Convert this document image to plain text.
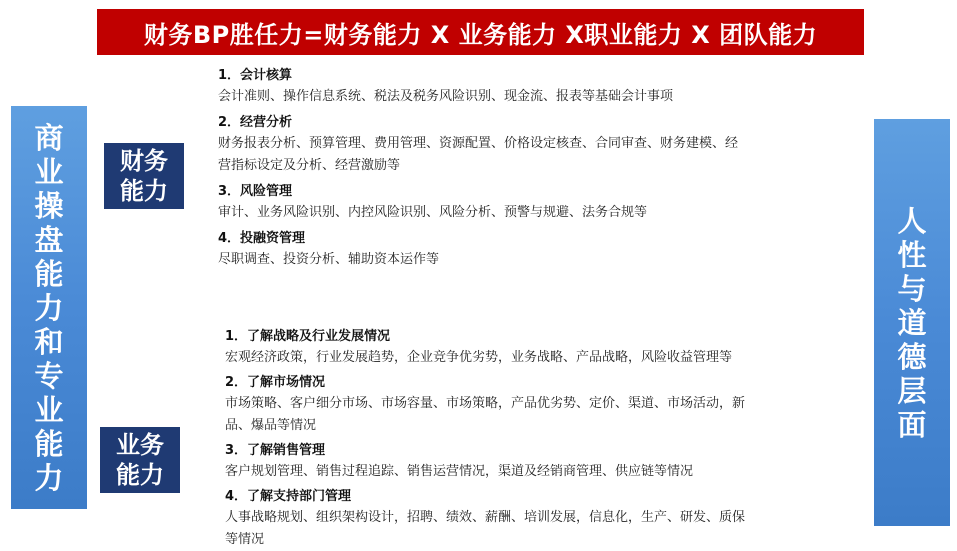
财务BP胜任力=财务能力 X 业务能力 X职业能力 X 团队能力
商
业
操
盘
能
力
和
专
业
能
力
人
性
与
道
德
层
面
财务
能力
业务
能力
1．会计核算
会计准则、操作信息系统、税法及税务风险识别、现金流、报表等基础会计事项
2．经营分析
财务报表分析、预算管理、费用管理、资源配置、价格设定核查、合同审查、财务建模、经
营指标设定及分析、经营激励等
3．风险管理
审计、业务风险识别、内控风险识别、风险分析、预警与规避、法务合规等
4．投融资管理
尽职调查、投资分析、辅助资本运作等
1．了解战略及行业发展情况
宏观经济政策，行业发展趋势，企业竞争优劣势，业务战略、产品战略，风险收益管理等
2．了解市场情况
市场策略、客户细分市场、市场容量、市场策略，产品优劣势、定价、渠道、市场活动，新
品、爆品等情况
3．了解销售管理
客户规划管理、销售过程追踪、销售运营情况，渠道及经销商管理、供应链等情况
4．了解支持部门管理
人事战略规划、组织架构设计，招聘、绩效、薪酬、培训发展，信息化，生产、研发、质保
等情况
